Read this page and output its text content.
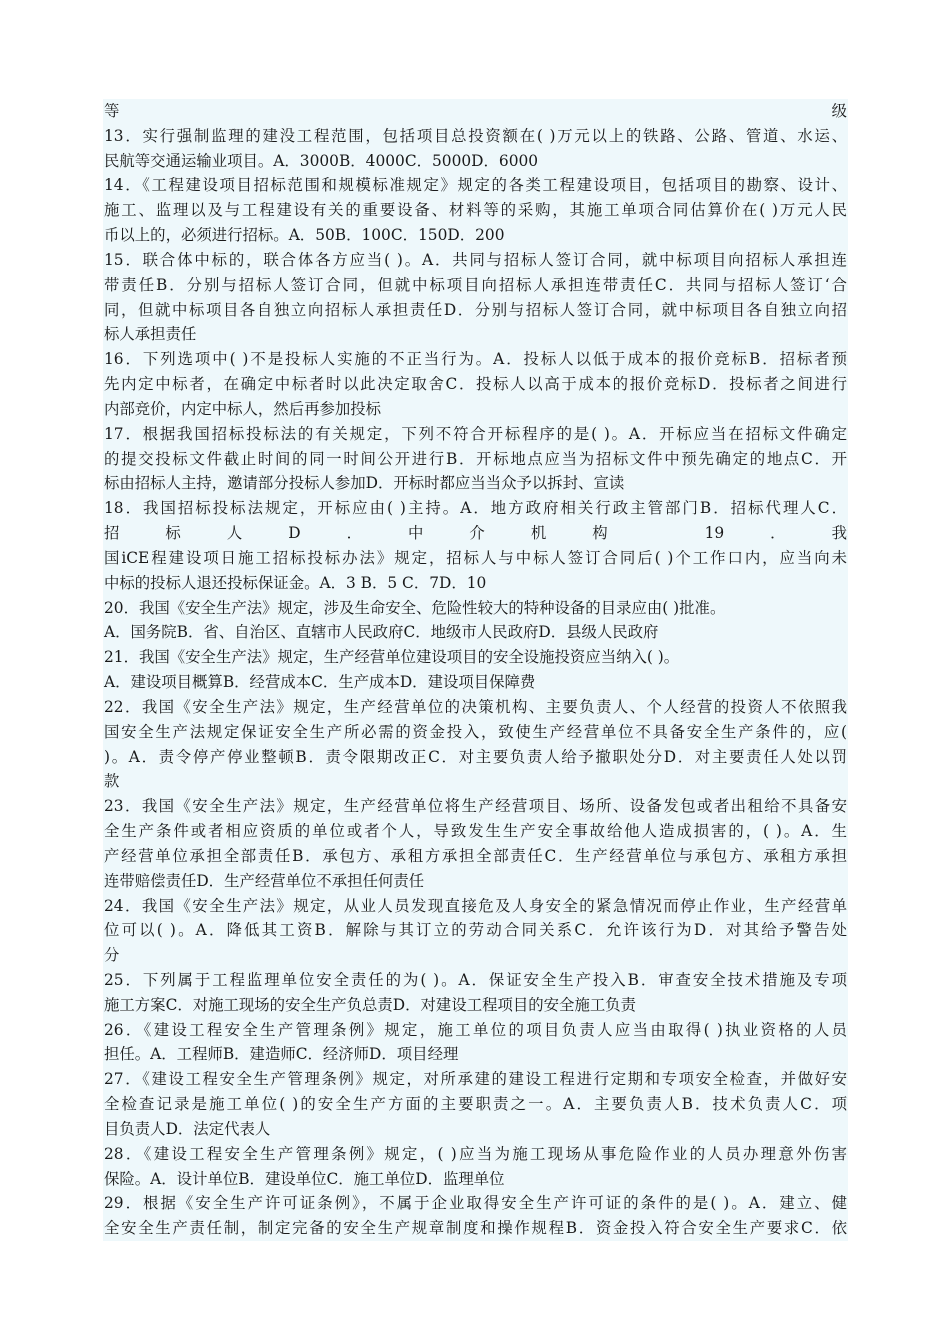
等级
13．实行强制监理的建没工程范围，包括项目总投资额在( )万元以上的铁路、公路、管道、水运、
民航等交通运输业项目。A．3000B．4000C．5000D．6000
14．《工程建设项目招标范围和规模标准规定》规定的各类工程建设项目，包括项目的勘察、设计、
施工、监理以及与工程建设有关的重要设备、材料等的采购，其施工单项合同估算价在( )万元人民
币以上的，必须进行招标。A．50B．100C．150D．200
15．联合体中标的，联合体各方应当( )。A．共同与招标人签订合同，就中标项目向招标人承担连
带责任B．分别与招标人签订合同，但就中标项目向招标人承担连带责任C．共同与招标人签订‘合
同，但就中标项目各自独立向招标人承担责任D．分别与招标人签订合同，就中标项目各自独立向招
标人承担责任
16．下列选项中( )不是投标人实施的不正当行为。A．投标人以低于成本的报价竞标B．招标者预
先内定中标者，在确定中标者时以此决定取舍C．投标人以高于成本的报价竞标D．投标者之间进行
内部竞价，内定中标人，然后再参加投标
17．根据我国招标投标法的有关规定，下列不符合开标程序的是( )。A．开标应当在招标文件确定
的提交投标文件截止时间的同一时间公开进行B．开标地点应当为招标文件中预先确定的地点C．开
标由招标人主持，邀请部分投标人参加D．开标时都应当当众予以拆封、宣读
18．我国招标投标法规定，开标应由( )主持。A．地方政府相关行政主管部门B．招标代理人C．
招标人D．中介机构 19．我
国iCE程建设项日施工招标投标办法》规定，招标人与中标人签订合同后( )个工作口内，应当向未
中标的投标人退还投标保证金。A．3 B．5 C．7D．10
20．我国《安全生产法》规定，涉及生命安全、危险性较大的特种设备的目录应由( )批准。
A．国务院B．省、自治区、直辖市人民政府C．地级市人民政府D．县级人民政府
21．我国《安全生产法》规定，生产经营单位建设项目的安全设施投资应当纳入( )。
A．建设项目概算B．经营成本C．生产成本D．建设项目保障费
22．我国《安全生产法》规定，生产经营单位的决策机构、主要负责人、个人经营的投资人不依照我
国安全生产法规定保证安全生产所必需的资金投入，致使生产经营单位不具备安全生产条件的，应(
)。A．责令停产停业整顿B．责令限期改正C．对主要负责人给予撤职处分D．对主要责任人处以罚
款
23．我国《安全生产法》规定，生产经营单位将生产经营项目、场所、设备发包或者出租给不具备安
全生产条件或者相应资质的单位或者个人，导致发生生产安全事故给他人造成损害的，( )。A．生
产经营单位承担全部责任B．承包方、承租方承担全部责任C．生产经营单位与承包方、承租方承担
连带赔偿责任D．生产经营单位不承担任何责任
24．我国《安全生产法》规定，从业人员发现直接危及人身安全的紧急情况而停止作业，生产经营单
位可以( )。A．降低其工资B．解除与其订立的劳动合同关系C．允许该行为D．对其给予警告处
分
25．下列属于工程监理单位安全责任的为( )。A．保证安全生产投入B．审查安全技术措施及专项
施工方案C．对施工现场的安全生产负总责D．对建设工程项目的安全施工负责
26．《建设工程安全生产管理条例》规定，施工单位的项目负责人应当由取得( )执业资格的人员
担任。A．工程师B．建造师C．经济师D．项目经理
27．《建设工程安全生产管理条例》规定，对所承建的建设工程进行定期和专项安全检查，并做好安
全检查记录是施工单位( )的安全生产方面的主要职责之一。A．主要负责人B．技术负责人C．项
目负责人D．法定代表人
28．《建设工程安全生产管理条例》规定，( )应当为施工现场从事危险作业的人员办理意外伤害
保险。A．设计单位B．建设单位C．施工单位D．监理单位
29．根据《安全生产许可证条例》，不属于企业取得安全生产许可证的条件的是( )。A．建立、健
全安全生产责任制，制定完备的安全生产规章制度和操作规程B．资金投入符合安全生产要求C．依
